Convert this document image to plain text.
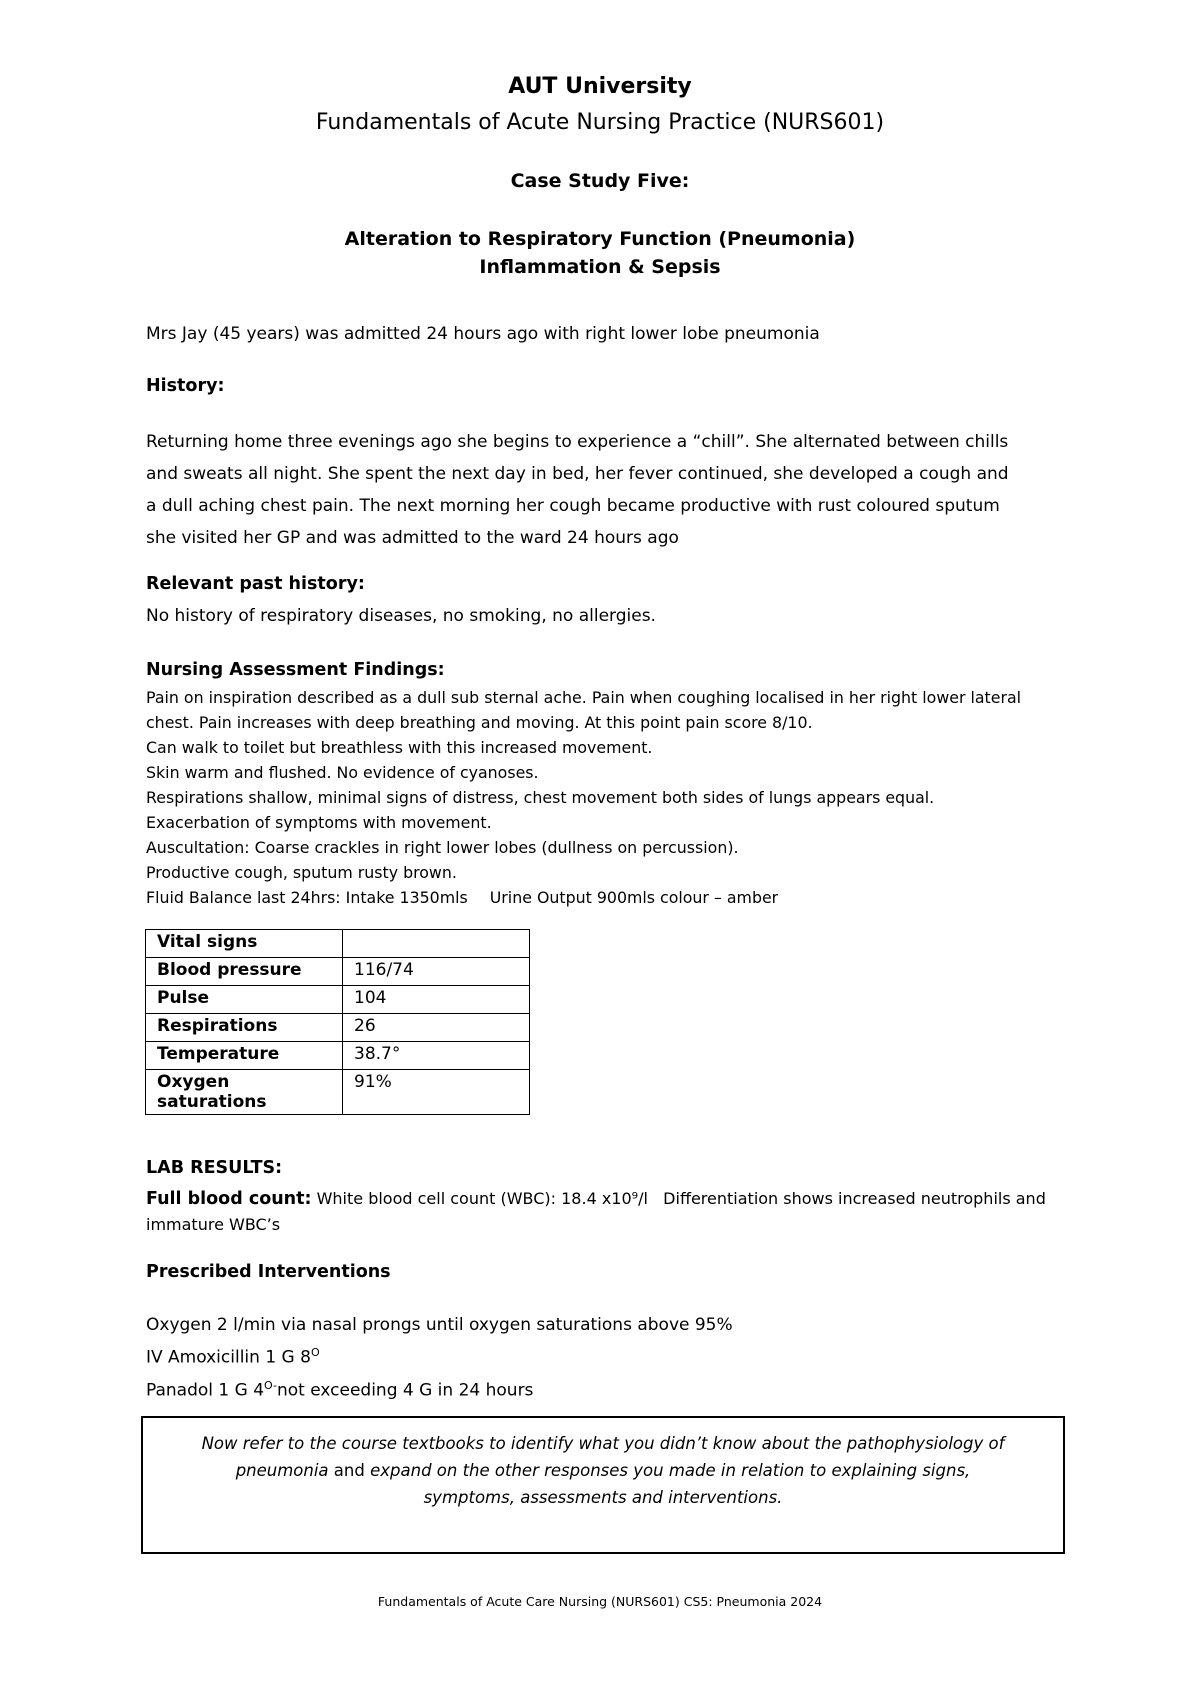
AUT University
Fundamentals of Acute Nursing Practice (NURS601)
Case Study Five:
Alteration to Respiratory Function (Pneumonia)
Inflammation & Sepsis
Mrs Jay (45 years) was admitted 24 hours ago with right lower lobe pneumonia
History:
Returning home three evenings ago she begins to experience a “chill”. She alternated between chills
and sweats all night. She spent the next day in bed, her fever continued, she developed a cough and
a dull aching chest pain. The next morning her cough became productive with rust coloured sputum
she visited her GP and was admitted to the ward 24 hours ago
Relevant past history:
No history of respiratory diseases, no smoking, no allergies.
Nursing Assessment Findings:
Pain on inspiration described as a dull sub sternal ache. Pain when coughing localised in her right lower lateral
chest. Pain increases with deep breathing and moving. At this point pain score 8/10.
Can walk to toilet but breathless with this increased movement.
Skin warm and flushed. No evidence of cyanoses.
Respirations shallow, minimal signs of distress, chest movement both sides of lungs appears equal.
Exacerbation of symptoms with movement.
Auscultation: Coarse crackles in right lower lobes (dullness on percussion).
Productive cough, sputum rusty brown.
Fluid Balance last 24hrs: Intake 1350mls Urine Output 900mls colour – amber
Vital signs	
Blood pressure	116/74
Pulse	104
Respirations	26
Temperature	38.7°
Oxygen saturations	91%
LAB RESULTS:
Full blood count: White blood cell count (WBC): 18.4 x10⁹/l Differentiation shows increased neutrophils and
immature WBC’s
Prescribed Interventions
Oxygen 2 l/min via nasal prongs until oxygen saturations above 95%
IV Amoxicillin 1 G $8^O$
Panadol 1 G $4^{O-}not$ exceeding 4 G in 24 hours
Now refer to the course textbooks to identify what you didn’t know about the pathophysiology of
pneumonia and expand on the other responses you made in relation to explaining signs,
symptoms, assessments and interventions.
Fundamentals of Acute Care Nursing (NURS601) CS5: Pneumonia 2024
